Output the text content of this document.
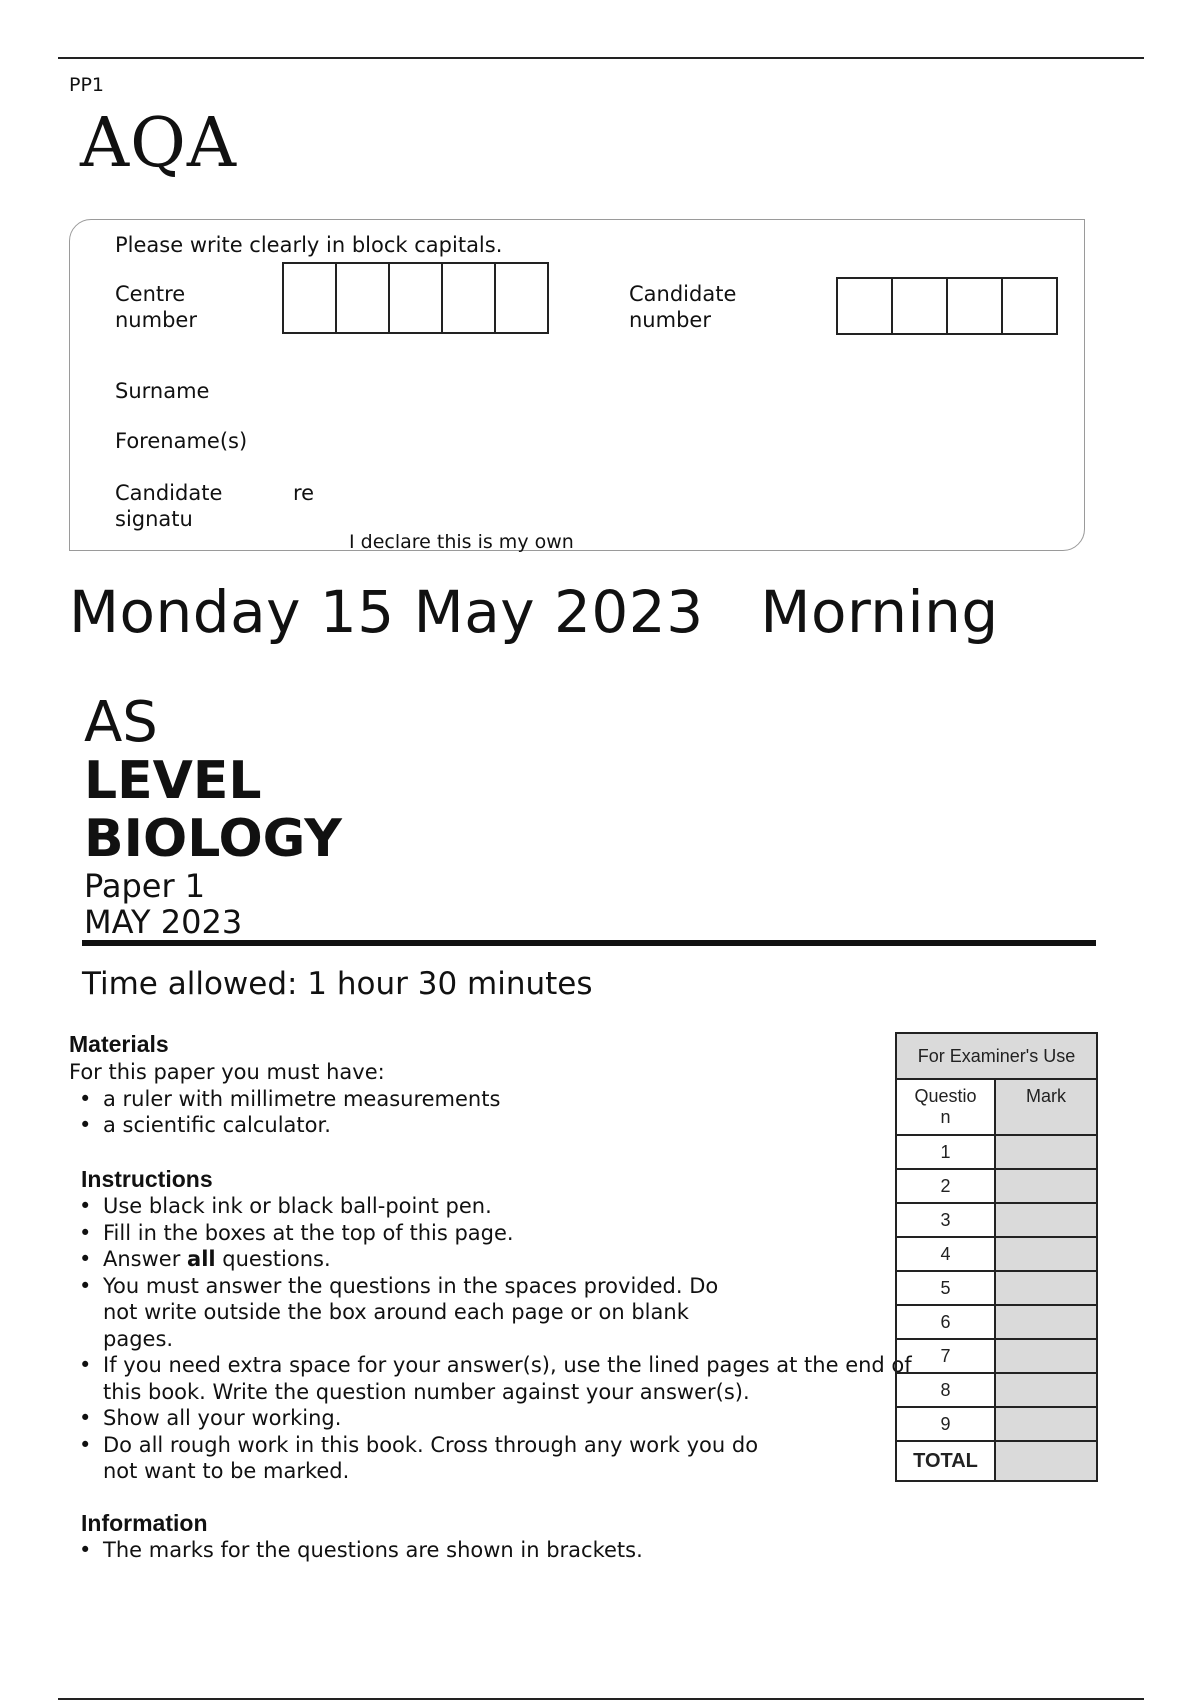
PP1
AQA
Please write clearly in block capitals.
Centre
number
Candidate
number
Surname
Forename(s)
Candidate
signatu
re
I declare this is my own
Monday 15 May 2023 Morning
AS
LEVEL
BIOLOGY
Paper 1
MAY 2023
Time allowed: 1 hour 30 minutes
Materials
For this paper you must have:
• a ruler with millimetre measurements
• a scientific calculator.
Instructions
• Use black ink or black ball-point pen.
• Fill in the boxes at the top of this page.
• Answer all questions.
• You must answer the questions in the spaces provided. Do
not write outside the box around each page or on blank
pages.
• If you need extra space for your answer(s), use the lined pages at the end of
this book. Write the question number against your answer(s).
• Show all your working.
• Do all rough work in this book. Cross through any work you do
not want to be marked.
Information
• The marks for the questions are shown in brackets.
For Examiner's Use	

Questio
n	Mark
1	
2	
3	
4	
5	
6	
7	
8	
9	
TOTAL	
